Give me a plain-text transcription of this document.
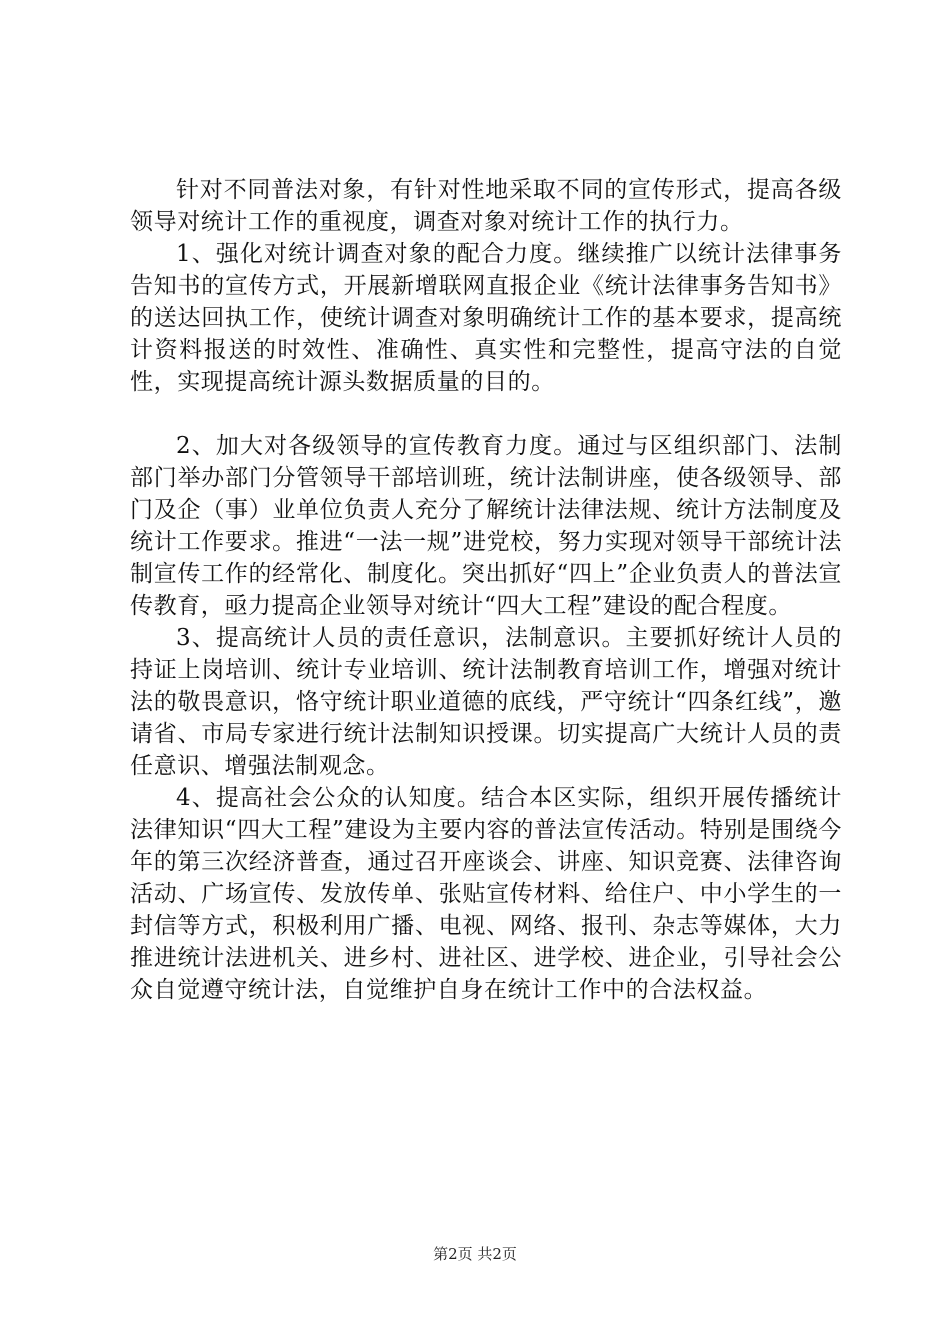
针对不同普法对象，有针对性地采取不同的宣传形式，提高各级领导对统计工作的重视度，调查对象对统计工作的执行力。

1、强化对统计调查对象的配合力度。继续推广以统计法律事务告知书的宣传方式，开展新增联网直报企业《统计法律事务告知书》的送达回执工作，使统计调查对象明确统计工作的基本要求，提高统计资料报送的时效性、准确性、真实性和完整性，提高守法的自觉性，实现提高统计源头数据质量的目的。

2、加大对各级领导的宣传教育力度。通过与区组织部门、法制部门举办部门分管领导干部培训班，统计法制讲座，使各级领导、部门及企（事）业单位负责人充分了解统计法律法规、统计方法制度及统计工作要求。推进“一法一规”进党校，努力实现对领导干部统计法制宣传工作的经常化、制度化。突出抓好“四上”企业负责人的普法宣传教育，亟力提高企业领导对统计“四大工程”建设的配合程度。

3、提高统计人员的责任意识，法制意识。主要抓好统计人员的持证上岗培训、统计专业培训、统计法制教育培训工作，增强对统计法的敬畏意识，恪守统计职业道德的底线，严守统计“四条红线”，邀请省、市局专家进行统计法制知识授课。切实提高广大统计人员的责任意识、增强法制观念。

4、提高社会公众的认知度。结合本区实际，组织开展传播统计法律知识“四大工程”建设为主要内容的普法宣传活动。特别是围绕今年的第三次经济普查，通过召开座谈会、讲座、知识竞赛、法律咨询活动、广场宣传、发放传单、张贴宣传材料、给住户、中小学生的一封信等方式，积极利用广播、电视、网络、报刊、杂志等媒体，大力推进统计法进机关、进乡村、进社区、进学校、进企业，引导社会公众自觉遵守统计法，自觉维护自身在统计工作中的合法权益。

第2页 共2页
